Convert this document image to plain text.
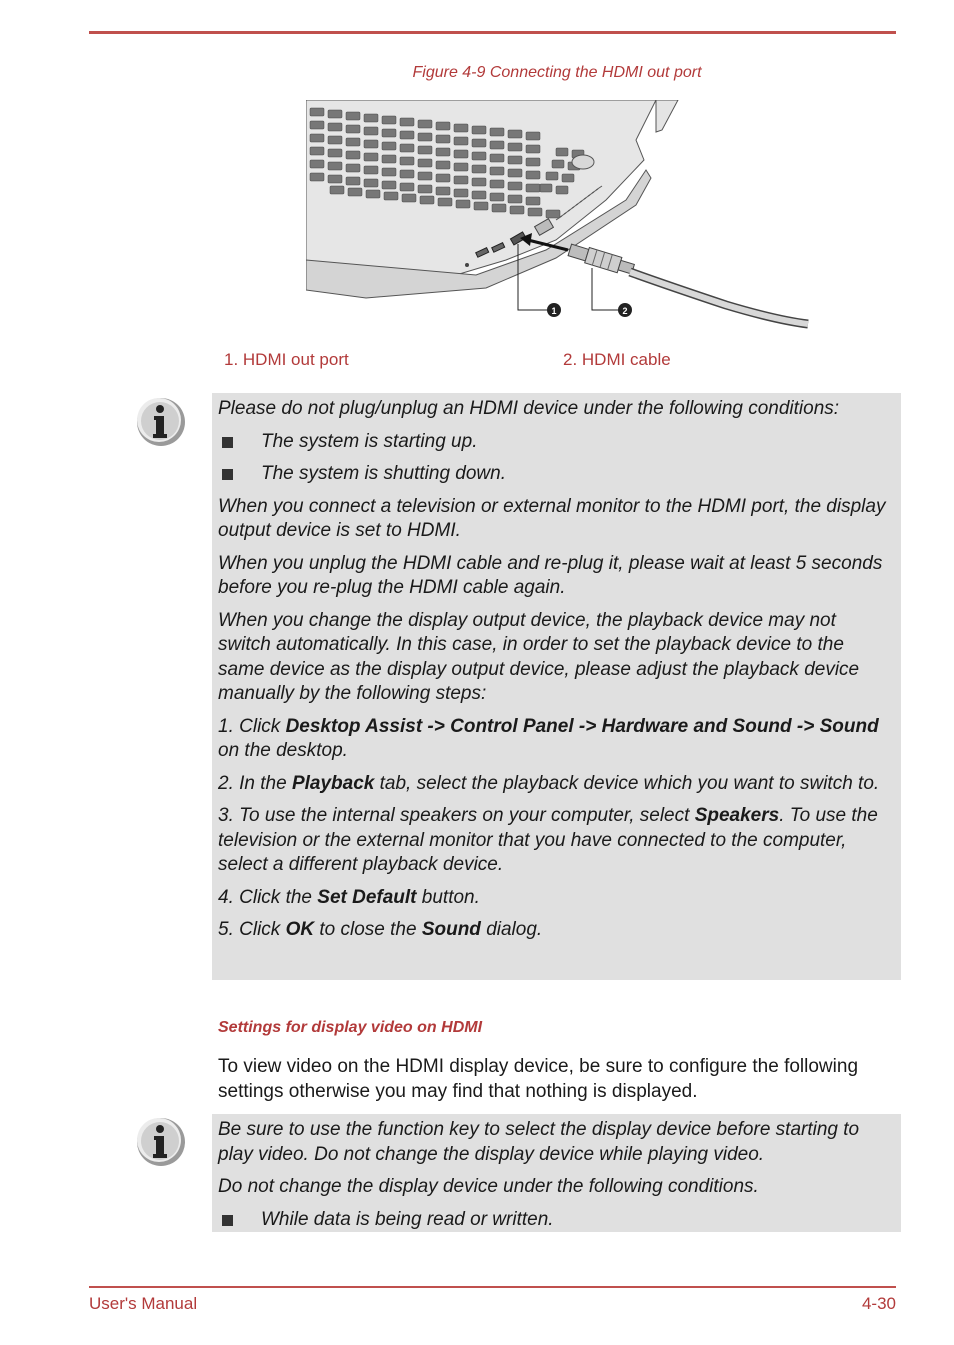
Figure 4-9 Connecting the HDMI out port
1	2
1. HDMI out port	2. HDMI cable

Please do not plug/unplug an HDMI device under the following conditions:

The system is starting up.
The system is shutting down.

When you connect a television or external monitor to the HDMI port, the display output device is set to HDMI.

When you unplug the HDMI cable and re-plug it, please wait at least 5 seconds before you re-plug the HDMI cable again.

When you change the display output device, the playback device may not switch automatically. In this case, in order to set the playback device to the same device as the display output device, please adjust the playback device manually by the following steps:

1. Click Desktop Assist -> Control Panel -> Hardware and Sound -> Sound on the desktop.

2. In the Playback tab, select the playback device which you want to switch to.

3. To use the internal speakers on your computer, select Speakers. To use the television or the external monitor that you have connected to the computer, select a different playback device.

4. Click the Set Default button.

5. Click OK to close the Sound dialog.

Settings for display video on HDMI
To view video on the HDMI display device, be sure to configure the following settings otherwise you may find that nothing is displayed.

Be sure to use the function key to select the display device before starting to play video. Do not change the display device while playing video.

Do not change the display device under the following conditions.

While data is being read or written.
User's Manual	4-30
